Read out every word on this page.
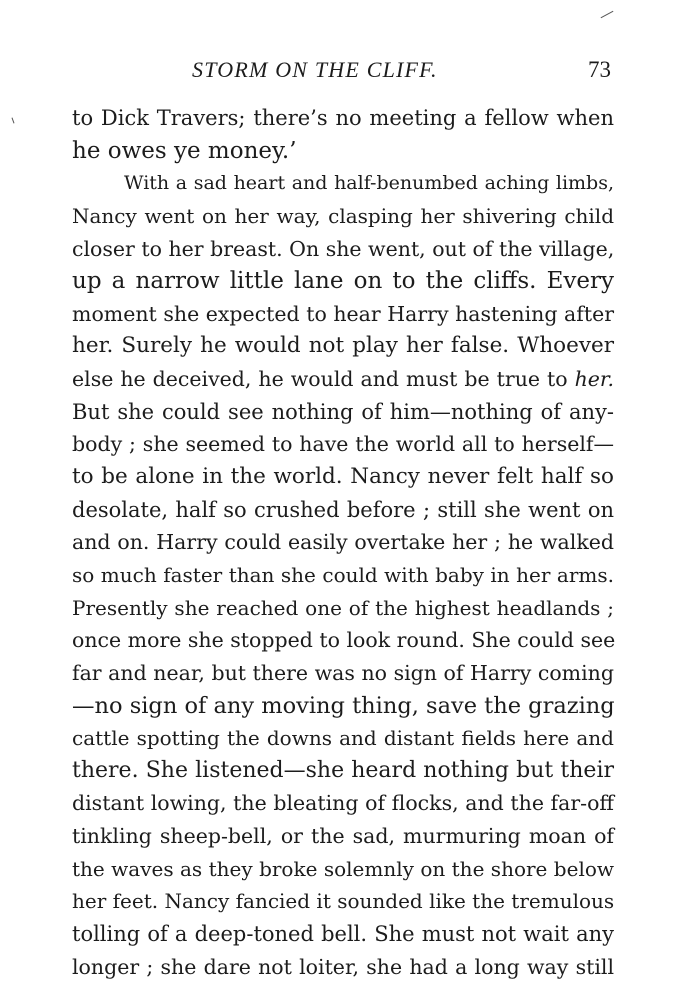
STORM ON THE CLIFF.	73
to Dick Travers; there’s no meeting a fellow when
he owes ye money.’
With a sad heart and half-benumbed aching limbs,
Nancy went on her way, clasping her shivering child
closer to her breast. On she went, out of the village,
up a narrow little lane on to the cliffs. Every
moment she expected to hear Harry hastening after
her. Surely he would not play her false. Whoever
else he deceived, he would and must be true to her.
But she could see nothing of him—nothing of any-
body ; she seemed to have the world all to herself—
to be alone in the world. Nancy never felt half so
desolate, half so crushed before ; still she went on
and on. Harry could easily overtake her ; he walked
so much faster than she could with baby in her arms.
Presently she reached one of the highest headlands ;
once more she stopped to look round. She could see
far and near, but there was no sign of Harry coming
—no sign of any moving thing, save the grazing
cattle spotting the downs and distant fields here and
there. She listened—she heard nothing but their
distant lowing, the bleating of flocks, and the far-off
tinkling sheep-bell, or the sad, murmuring moan of
the waves as they broke solemnly on the shore below
her feet. Nancy fancied it sounded like the tremulous
tolling of a deep-toned bell. She must not wait any
longer ; she dare not loiter, she had a long way still
